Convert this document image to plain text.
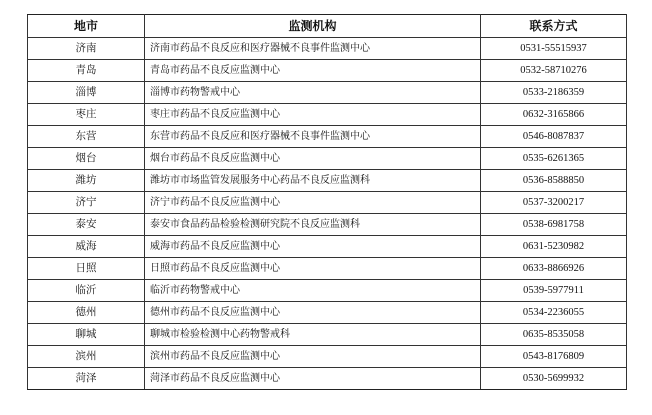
地市	监测机构	联系方式
济南	济南市药品不良反应和医疗器械不良事件监测中心	0531-55515937
青岛	青岛市药品不良反应监测中心	0532-58710276
淄博	淄博市药物警戒中心	0533-2186359
枣庄	枣庄市药品不良反应监测中心	0632-3165866
东营	东营市药品不良反应和医疗器械不良事件监测中心	0546-8087837
烟台	烟台市药品不良反应监测中心	0535-6261365
潍坊	潍坊市市场监管发展服务中心药品不良反应监测科	0536-8588850
济宁	济宁市药品不良反应监测中心	0537-3200217
泰安	泰安市食品药品检验检测研究院不良反应监测科	0538-6981758
威海	威海市药品不良反应监测中心	0631-5230982
日照	日照市药品不良反应监测中心	0633-8866926
临沂	临沂市药物警戒中心	0539-5977911
德州	德州市药品不良反应监测中心	0534-2236055
聊城	聊城市检验检测中心药物警戒科	0635-8535058
滨州	滨州市药品不良反应监测中心	0543-8176809
菏泽	菏泽市药品不良反应监测中心	0530-5699932
